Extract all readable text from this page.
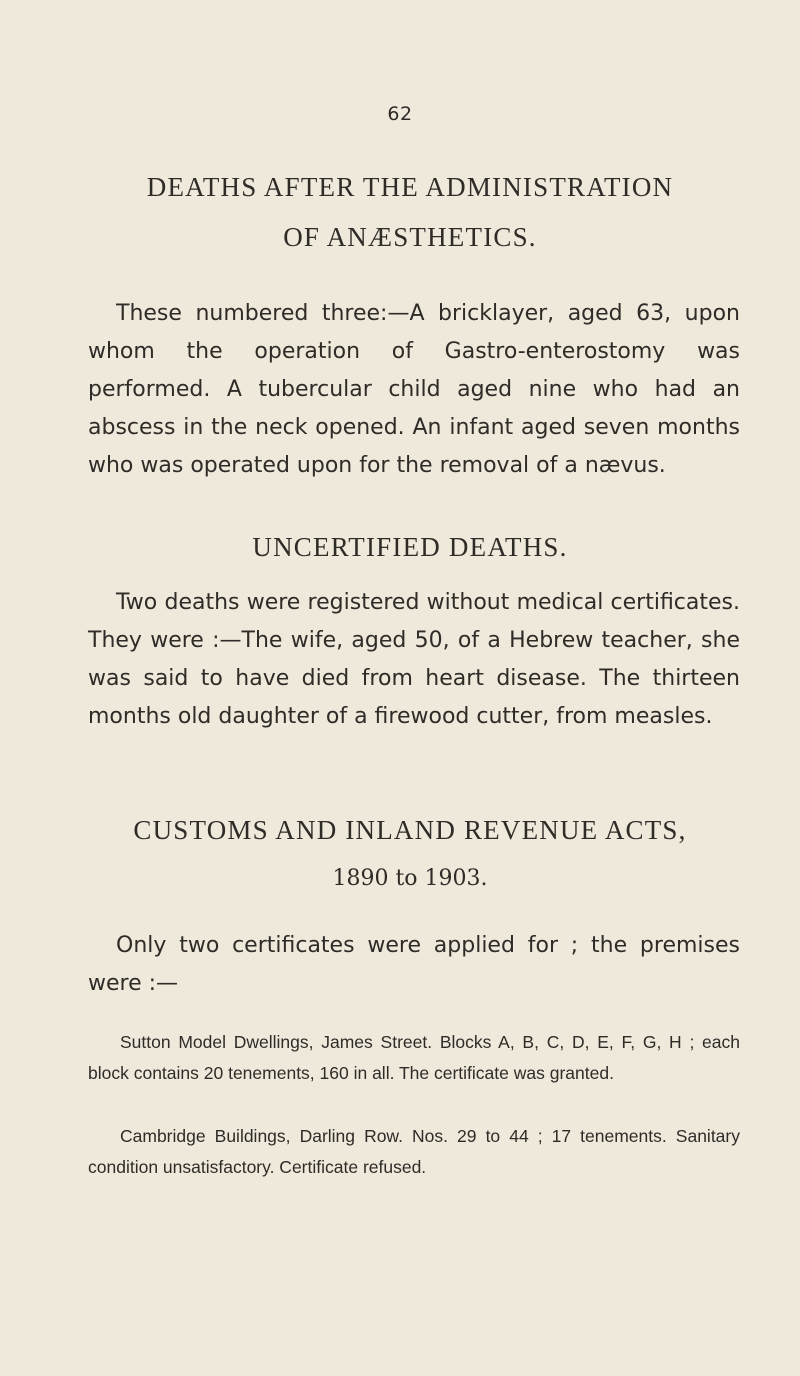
62
DEATHS AFTER THE ADMINISTRATION
OF ANÆSTHETICS.

These numbered three:—A bricklayer, aged 63, upon whom the operation of Gastro-enterostomy was performed. A tubercular child aged nine who had an abscess in the neck opened. An infant aged seven months who was operated upon for the removal of a nævus.

UNCERTIFIED DEATHS.

Two deaths were registered without medical certificates. They were :—The wife, aged 50, of a Hebrew teacher, she was said to have died from heart disease. The thirteen months old daughter of a firewood cutter, from measles.

CUSTOMS AND INLAND REVENUE ACTS,
1890 to 1903.

Only two certificates were applied for ; the premises were :—

Sutton Model Dwellings, James Street. Blocks A, B, C, D, E, F, G, H ; each block contains 20 tenements, 160 in all. The certificate was granted.

Cambridge Buildings, Darling Row. Nos. 29 to 44 ; 17 tenements. Sanitary condition unsatisfactory. Certificate refused.
